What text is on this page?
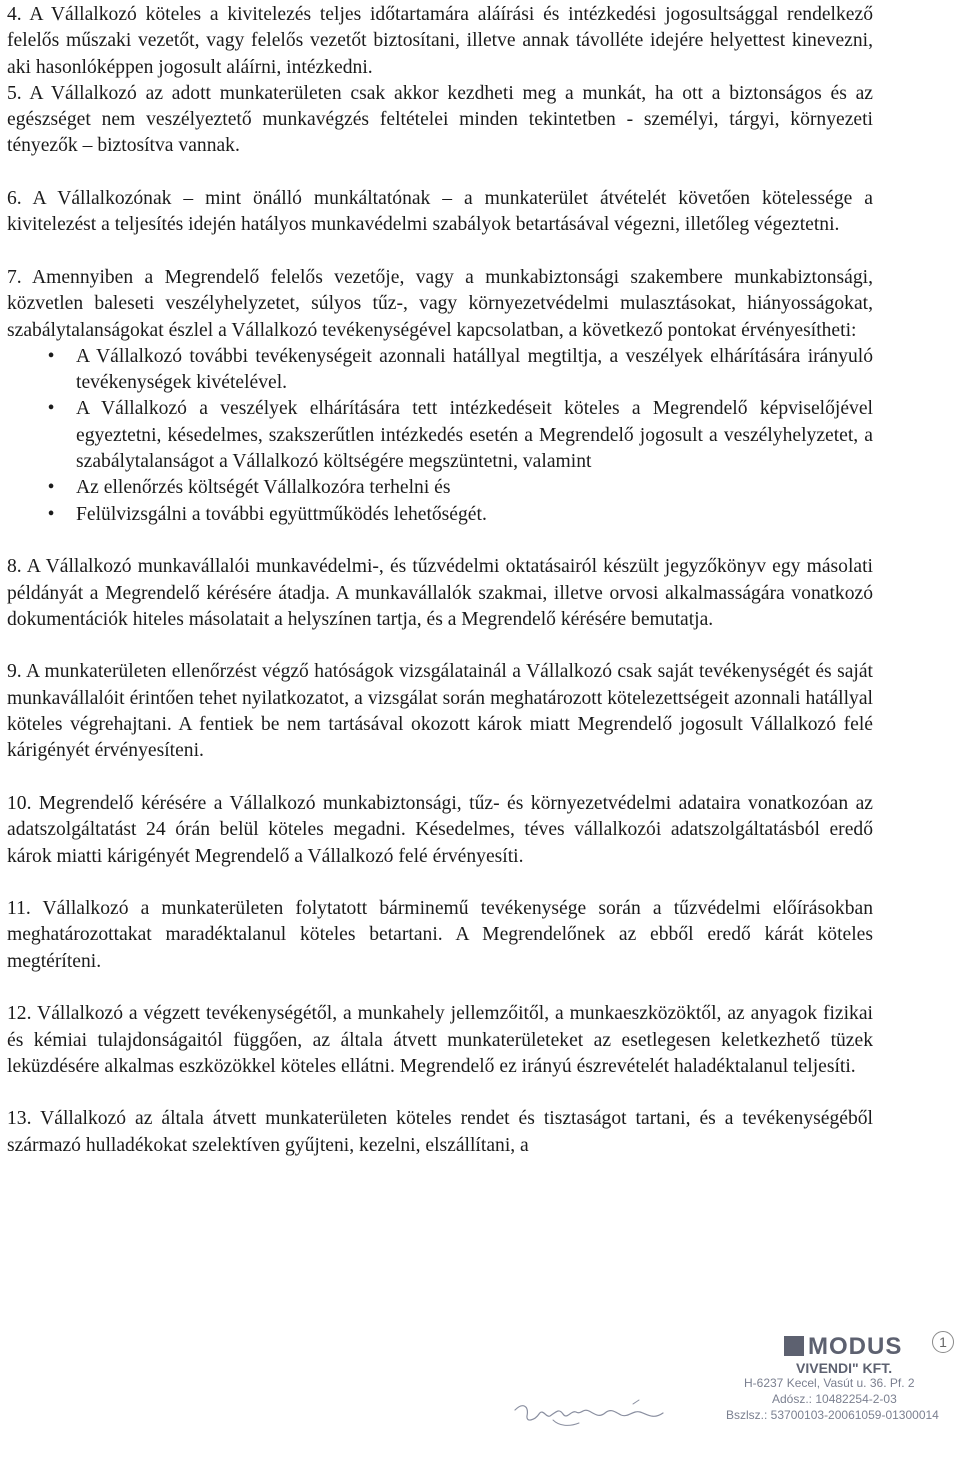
4. A Vállalkozó köteles a kivitelezés teljes időtartamára aláírási és intézkedési jogosultsággal rendelkező felelős műszaki vezetőt, vagy felelős vezetőt biztosítani, illetve annak távolléte idejére helyettest kinevezni, aki hasonlóképpen jogosult aláírni, intézkedni.

5. A Vállalkozó az adott munkaterületen csak akkor kezdheti meg a munkát, ha ott a biztonságos és az egészséget nem veszélyeztető munkavégzés feltételei minden tekintetben - személyi, tárgyi, környezeti tényezők – biztosítva vannak.

6. A Vállalkozónak – mint önálló munkáltatónak – a munkaterület átvételét követően kötelessége a kivitelezést a teljesítés idején hatályos munkavédelmi szabályok betartásával végezni, illetőleg végeztetni.

7. Amennyiben a Megrendelő felelős vezetője, vagy a munkabiztonsági szakembere munkabiztonsági, közvetlen baleseti veszélyhelyzetet, súlyos tűz-, vagy környezetvédelmi mulasztásokat, hiányosságokat, szabálytalanságokat észlel a Vállalkozó tevékenységével kapcsolatban, a következő pontokat érvényesítheti:

•	A Vállalkozó további tevékenységeit azonnali hatállyal megtiltja, a veszélyek elhárítására irányuló tevékenységek kivételével.
•	A Vállalkozó a veszélyek elhárítására tett intézkedéseit köteles a Megrendelő képviselőjével egyeztetni, késedelmes, szakszerűtlen intézkedés esetén a Megrendelő jogosult a veszélyhelyzetet, a szabálytalanságot a Vállalkozó költségére megszüntetni, valamint
•	Az ellenőrzés költségét Vállalkozóra terhelni és
•	Felülvizsgálni a további együttműködés lehetőségét.

8. A Vállalkozó munkavállalói munkavédelmi-, és tűzvédelmi oktatásairól készült jegyzőkönyv egy másolati példányát a Megrendelő kérésére átadja. A munkavállalók szakmai, illetve orvosi alkalmasságára vonatkozó dokumentációk hiteles másolatait a helyszínen tartja, és a Megrendelő kérésére bemutatja.

9. A munkaterületen ellenőrzést végző hatóságok vizsgálatainál a Vállalkozó csak saját tevékenységét és saját munkavállalóit érintően tehet nyilatkozatot, a vizsgálat során meghatározott kötelezettségeit azonnali hatállyal köteles végrehajtani. A fentiek be nem tartásával okozott károk miatt Megrendelő jogosult Vállalkozó felé kárigényét érvényesíteni.

10. Megrendelő kérésére a Vállalkozó munkabiztonsági, tűz- és környezetvédelmi adataira vonatkozóan az adatszolgáltatást 24 órán belül köteles megadni. Késedelmes, téves vállalkozói adatszolgáltatásból eredő károk miatti kárigényét Megrendelő a Vállalkozó felé érvényesíti.

11. Vállalkozó a munkaterületen folytatott bárminemű tevékenysége során a tűzvédelmi előírásokban meghatározottakat maradéktalanul köteles betartani. A Megrendelőnek az ebből eredő kárát köteles megtéríteni.

12. Vállalkozó a végzett tevékenységétől, a munkahely jellemzőitől, a munkaeszközöktől, az anyagok fizikai és kémiai tulajdonságaitól függően, az általa átvett munkaterületeket az esetlegesen keletkezhető tüzek leküzdésére alkalmas eszközökkel köteles ellátni. Megrendelő ez irányú észrevételét haladéktalanul teljesíti.

13. Vállalkozó az általa átvett munkaterületen köteles rendet és tisztaságot tartani, és a tevékenységéből származó hulladékokat szelektíven gyűjteni, kezelni, elszállítani, a

1
MODUS
VIVENDI" KFT.
H-6237 Kecel, Vasút u. 36. Pf. 2
Adósz.: 10482254-2-03
Bszlsz.: 53700103-20061059-01300014
